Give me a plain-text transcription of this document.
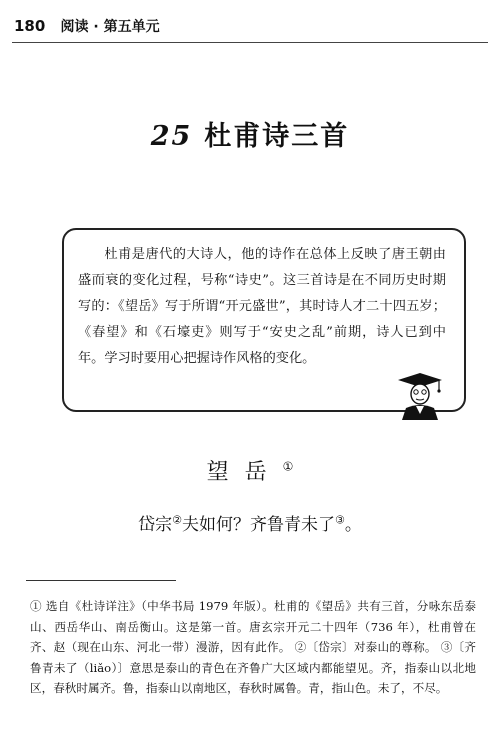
180 阅读 · 第五单元
25 杜甫诗三首
杜甫是唐代的大诗人，他的诗作在总体上反映了唐王朝由盛而衰的变化过程，号称“诗史”。这三首诗是在不同历史时期写的：《望岳》写于所谓“开元盛世”，其时诗人才二十四五岁；《春望》和《石壕吏》则写于“安史之乱”前期，诗人已到中年。学习时要用心把握诗作风格的变化。
望岳①
岱宗②夫如何？齐鲁青未了③。
① 选自《杜诗详注》（中华书局 1979 年版）。杜甫的《望岳》共有三首，分咏东岳泰山、西岳华山、南岳衡山。这是第一首。唐玄宗开元二十四年（736 年），杜甫曾在齐、赵（现在山东、河北一带）漫游，因有此作。 ②〔岱宗〕对泰山的尊称。 ③〔齐鲁青未了（liǎo）〕意思是泰山的青色在齐鲁广大区域内都能望见。齐，指泰山以北地区，春秋时属齐。鲁，指泰山以南地区，春秋时属鲁。青，指山色。未了，不尽。
